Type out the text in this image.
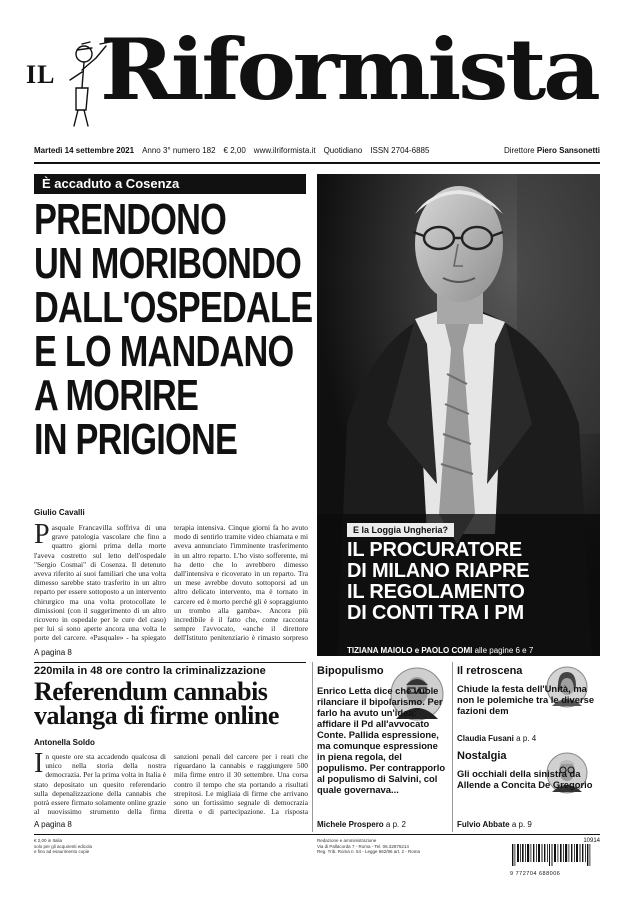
IL Riformista
Martedì 14 settembre 2021 Anno 3° numero 182 € 2,00 www.ilriformista.it Quotidiano ISSN 2704-6885	Direttore Piero Sansonetti
È accaduto a Cosenza
PRENDONO
UN MORIBONDO
DALL'OSPEDALE
E LO MANDANO
A MORIRE
IN PRIGIONE
Giulio Cavalli
Pasquale Francavilla soffriva di una grave patologia vascolare che fino a quattro giorni prima della morte l'aveva costretto sul letto dell'ospedale "Sergio Cosmai" di Cosenza. Il detenuto aveva riferito ai suoi familiari che una volta dimesso sarebbe stato trasferito in un altro reparto per essere sottoposto a un intervento chirurgico ma una volta protocollate le dimissioni (con il suggerimento di un altro ricovero in ospedale per le cure del caso) per lui si sono aperte ancora una volta le porte del carcere. «Pasquale» - ha spiegato
terapia intensiva. Cinque giorni fa ho avuto modo di sentirlo tramite video chiamata e mi aveva annunciato l'imminente trasferimento in un altro reparto. L'ho visto sofferente, mi ha detto che lo avrebbero dimesso dall'intensiva e ricoverato in un reparto. Tra un mese avrebbe dovuto sottoporsi ad un altro delicato intervento, ma è tornato in carcere ed è morto perché gli è sopraggiunto un trombo alla gamba». Ancora più incredibile è il fatto che, come racconta sempre l'avvocato, «anche il direttore dell'Istituto penitenziario è rimasto sorpreso
A pagina 8
E la Loggia Ungheria?
IL PROCURATORE
DI MILANO RIAPRE
IL REGOLAMENTO
DI CONTI TRA I PM
TIZIANA MAIOLO e PAOLO COMI alle pagine 6 e 7
220mila in 48 ore contro la criminalizzazione
Referendum cannabis
valanga di firme online
Antonella Soldo
In queste ore sta accadendo qualcosa di unico nella storia della nostra democrazia. Per la prima volta in Italia è stato depositato un quesito referendario sulla depenalizzazione della cannabis che potrà essere firmato solamente online grazie al nuovissimo strumento della firma
sanzioni penali del carcere per i reati che riguardano la cannabis e raggiungere 500 mila firme entro il 30 settembre. Una corsa contro il tempo che sta portando a risultati strepitosi. Le migliaia di firme che arrivano sono un fortissimo segnale di democrazia diretta e di partecipazione. La risposta
A pagina 8
Bipopulismo
Enrico Letta dice che vuole rilanciare il bipolarismo. Per farlo ha avuto un'idea: affidare il Pd all'avvocato Conte. Pallida espressione, ma comunque espressione in piena regola, del populismo. Per contrapporlo al populismo di Salvini, col quale governava...
Michele Prospero a p. 2
Il retroscena
Chiude la festa dell'Unità, ma non le polemiche tra le diverse fazioni dem
Claudia Fusani a p. 4
Nostalgia
Gli occhiali della sinistra da Allende a Concita De Gregorio
Fulvio Abbate a p. 9
€ 2,00 in Italia
solo per gli acquirenti edicola
e fino ad esaurimento copie
Redazione e amministrazione
Via di Pallacorda 7 - Roma - Tel. 06.32876214
Reg. Trib. Roma n. 54 - Legge 662/96 art. 2 - Roma
10914
9 772704 688006
